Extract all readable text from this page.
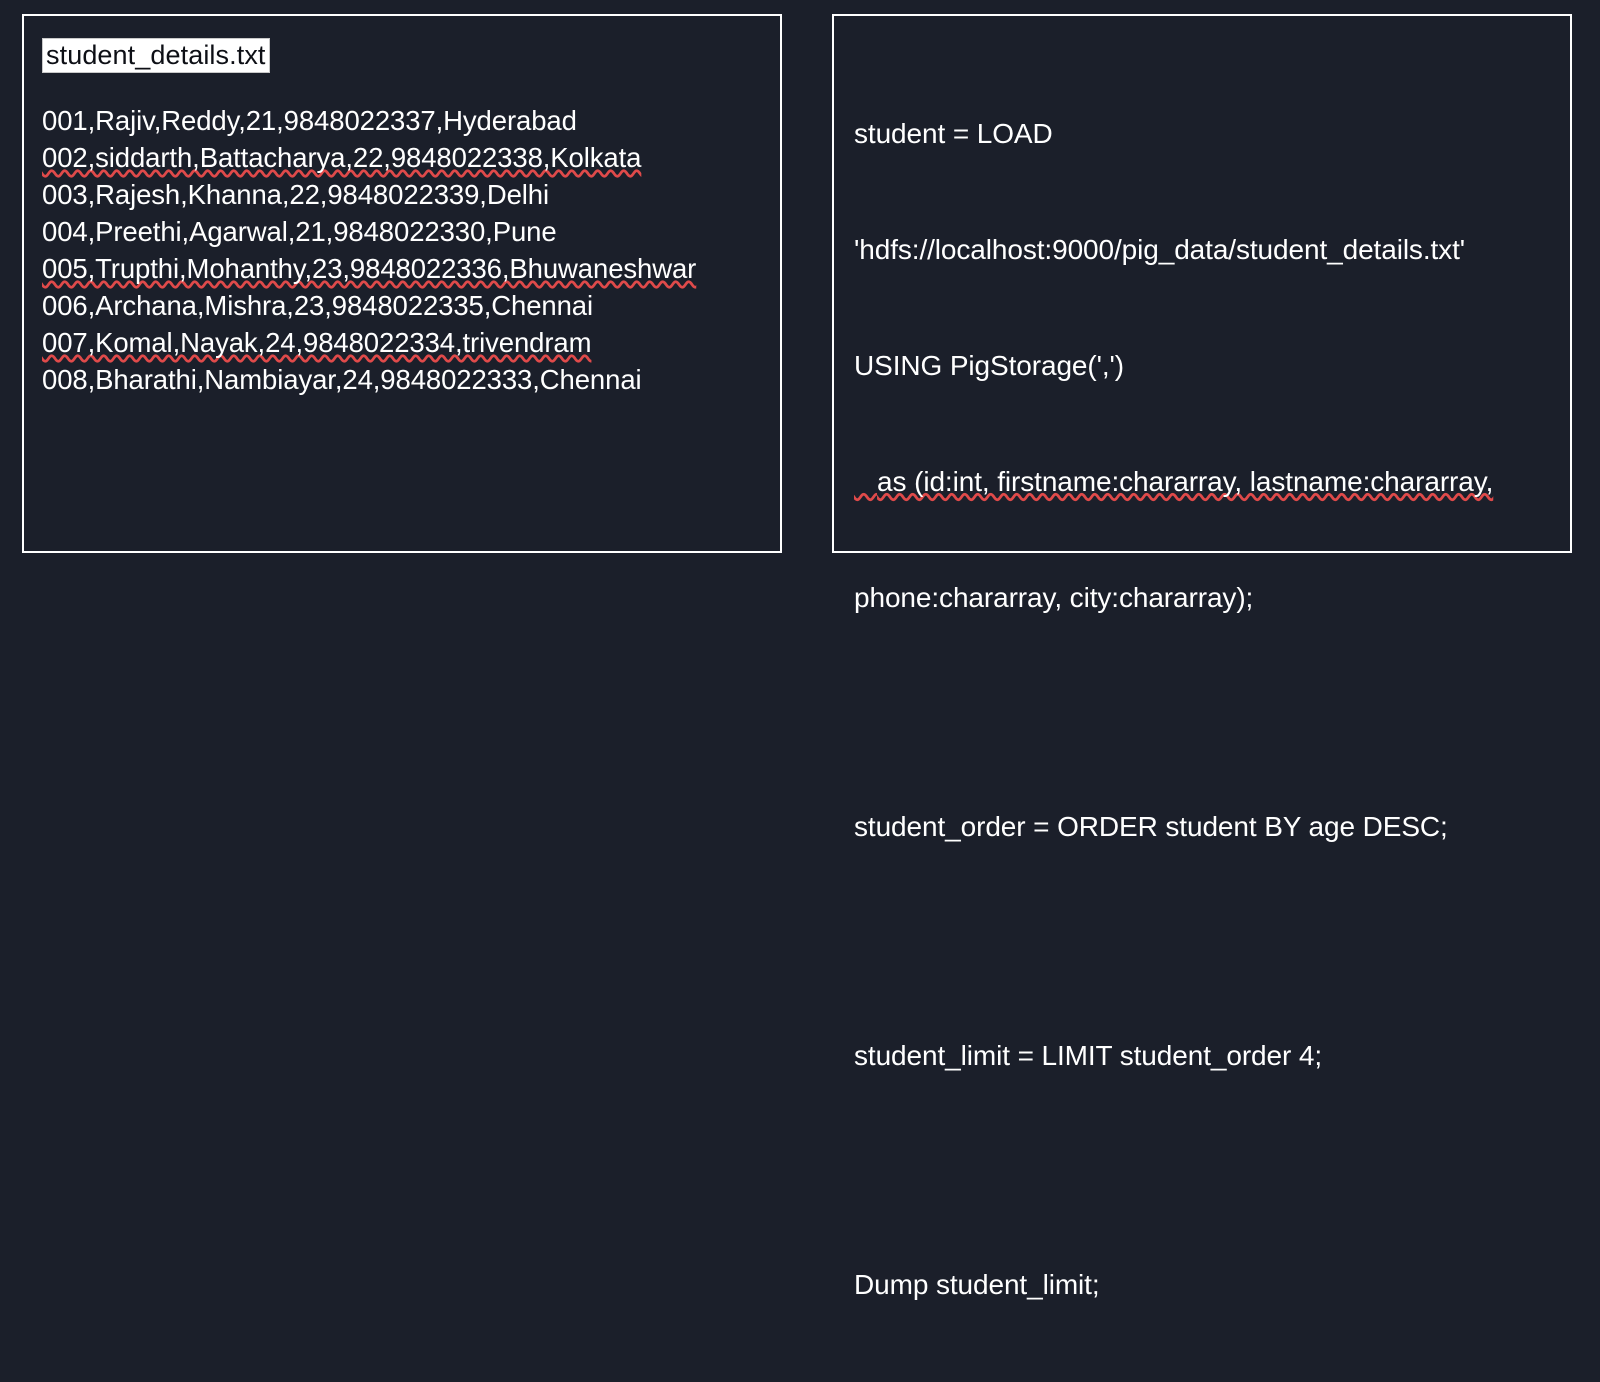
student_details.txt
001,Rajiv,Reddy,21,9848022337,Hyderabad
002,siddarth,Battacharya,22,9848022338,Kolkata
003,Rajesh,Khanna,22,9848022339,Delhi
004,Preethi,Agarwal,21,9848022330,Pune
005,Trupthi,Mohanthy,23,9848022336,Bhuwaneshwar
006,Archana,Mishra,23,9848022335,Chennai
007,Komal,Nayak,24,9848022334,trivendram
008,Bharathi,Nambiayar,24,9848022333,Chennai

student = LOAD

'hdfs://localhost:9000/pig_data/student_details.txt'

USING PigStorage(',')

as (id:int, firstname:chararray, lastname:chararray,

phone:chararray, city:chararray);

student_order = ORDER student BY age DESC;

student_limit = LIMIT student_order 4;

Dump student_limit;
